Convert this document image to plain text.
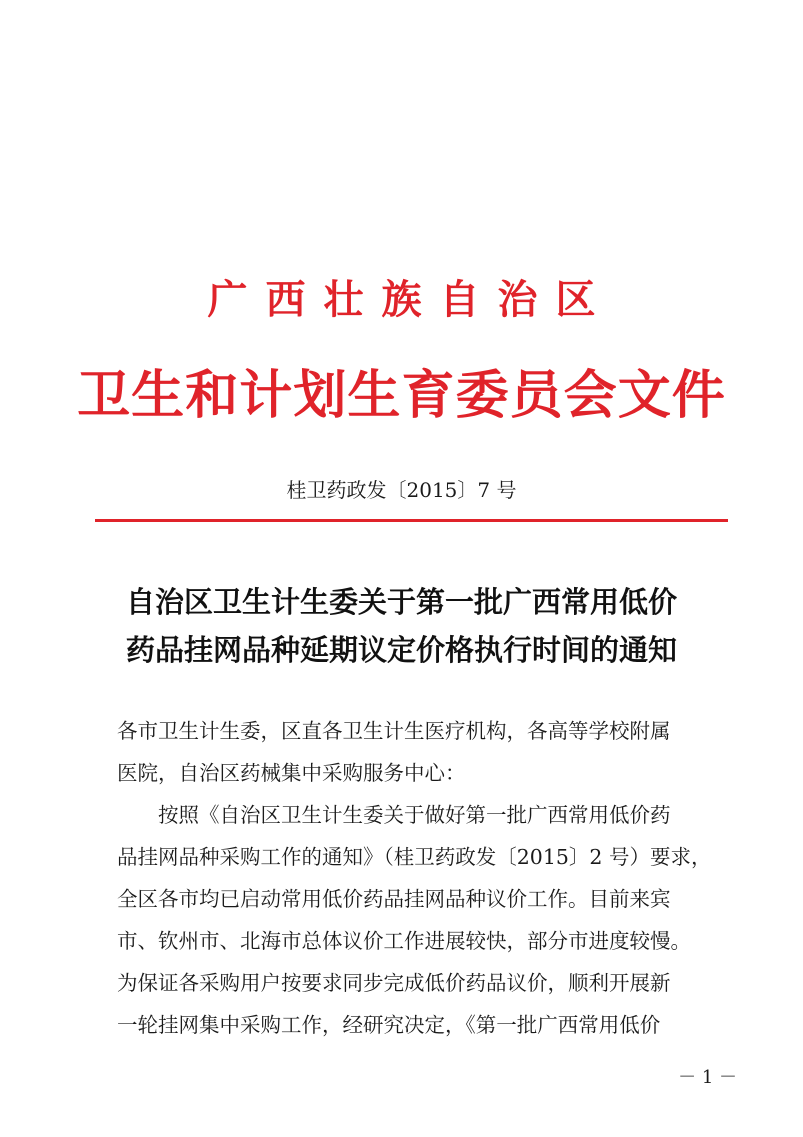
广西壮族自治区
卫生和计划生育委员会文件
桂卫药政发〔2015〕7 号
自治区卫生计生委关于第一批广西常用低价
药品挂网品种延期议定价格执行时间的通知
各市卫生计生委，区直各卫生计生医疗机构，各高等学校附属
医院，自治区药械集中采购服务中心：
按照《自治区卫生计生委关于做好第一批广西常用低价药
品挂网品种采购工作的通知》（桂卫药政发〔2015〕2 号）要求，
全区各市均已启动常用低价药品挂网品种议价工作。目前来宾
市、钦州市、北海市总体议价工作进展较快，部分市进度较慢。
为保证各采购用户按要求同步完成低价药品议价，顺利开展新
一轮挂网集中采购工作，经研究决定，《第一批广西常用低价
－ 1 －
